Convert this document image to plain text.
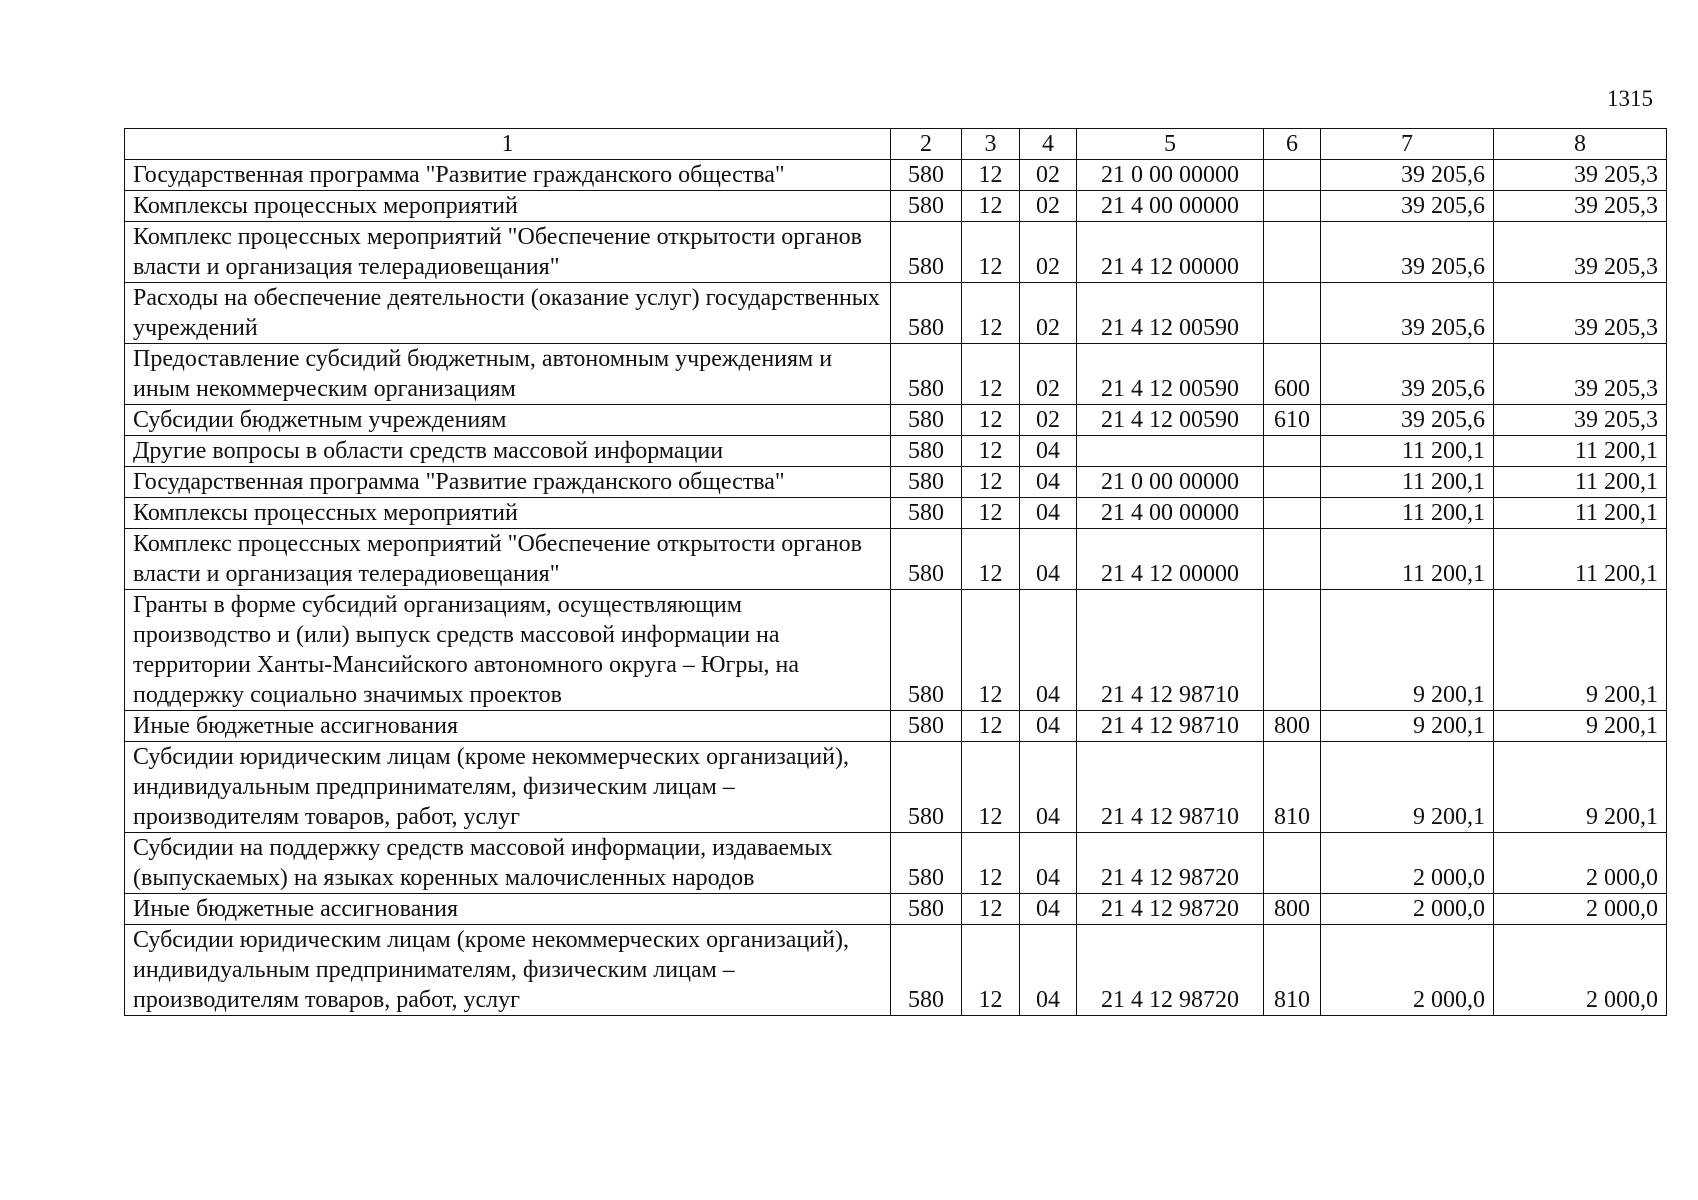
1315
1	2	3	4	5	6	7	8
Государственная программа "Развитие гражданского общества"	580	12	02	21 0 00 00000		39 205,6	39 205,3
Комплексы процессных мероприятий	580	12	02	21 4 00 00000		39 205,6	39 205,3
Комплекс процессных мероприятий "Обеспечение открытости органов власти и организация телерадиовещания"	580	12	02	21 4 12 00000		39 205,6	39 205,3
Расходы на обеспечение деятельности (оказание услуг) государственных учреждений	580	12	02	21 4 12 00590		39 205,6	39 205,3
Предоставление субсидий бюджетным, автономным учреждениям и иным некоммерческим организациям	580	12	02	21 4 12 00590	600	39 205,6	39 205,3
Субсидии бюджетным учреждениям	580	12	02	21 4 12 00590	610	39 205,6	39 205,3
Другие вопросы в области средств массовой информации	580	12	04			11 200,1	11 200,1
Государственная программа "Развитие гражданского общества"	580	12	04	21 0 00 00000		11 200,1	11 200,1
Комплексы процессных мероприятий	580	12	04	21 4 00 00000		11 200,1	11 200,1
Комплекс процессных мероприятий "Обеспечение открытости органов власти и организация телерадиовещания"	580	12	04	21 4 12 00000		11 200,1	11 200,1
Гранты в форме субсидий организациям, осуществляющим производство и (или) выпуск средств массовой информации на территории Ханты-Мансийского автономного округа – Югры, на поддержку социально значимых проектов	580	12	04	21 4 12 98710		9 200,1	9 200,1
Иные бюджетные ассигнования	580	12	04	21 4 12 98710	800	9 200,1	9 200,1
Субсидии юридическим лицам (кроме некоммерческих организаций), индивидуальным предпринимателям, физическим лицам – производителям товаров, работ, услуг	580	12	04	21 4 12 98710	810	9 200,1	9 200,1
Субсидии на поддержку средств массовой информации, издаваемых (выпускаемых) на языках коренных малочисленных народов	580	12	04	21 4 12 98720		2 000,0	2 000,0
Иные бюджетные ассигнования	580	12	04	21 4 12 98720	800	2 000,0	2 000,0
Субсидии юридическим лицам (кроме некоммерческих организаций), индивидуальным предпринимателям, физическим лицам – производителям товаров, работ, услуг	580	12	04	21 4 12 98720	810	2 000,0	2 000,0
